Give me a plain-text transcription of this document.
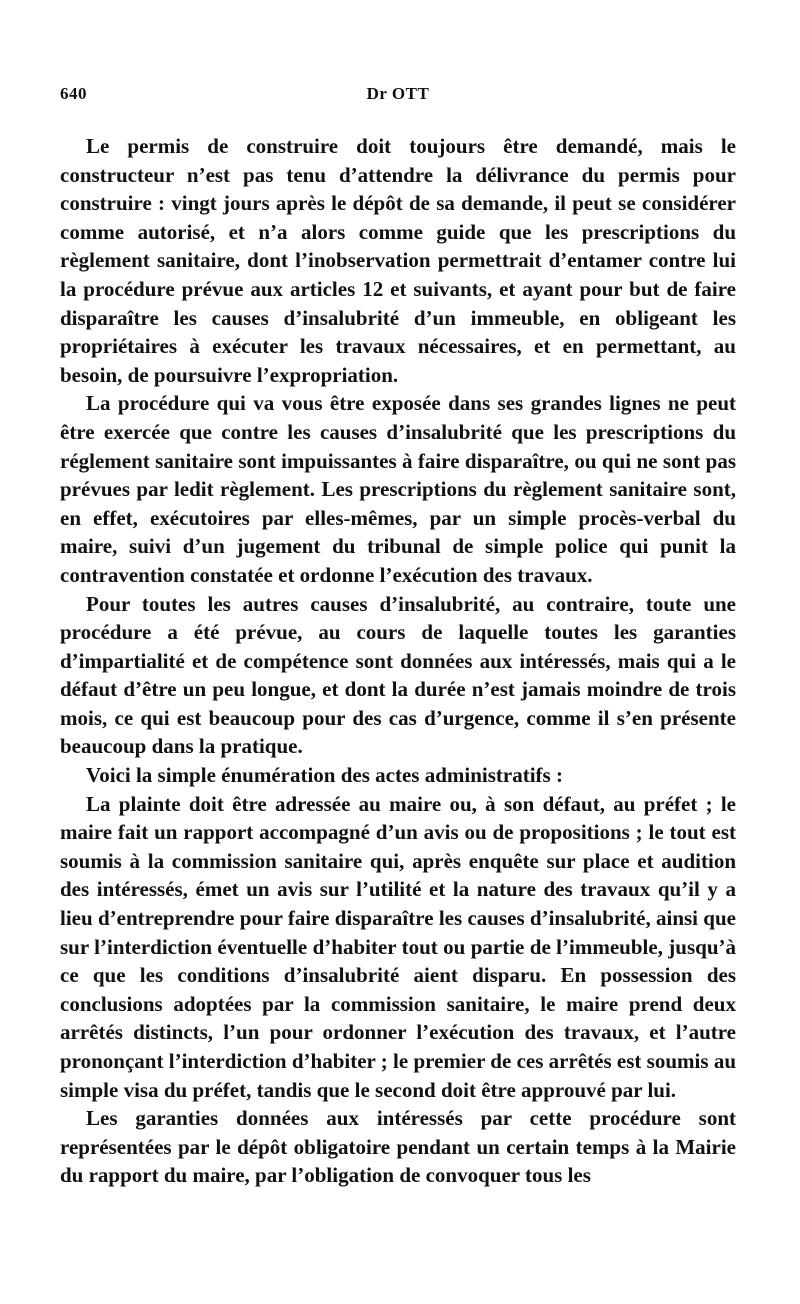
640	Dr OTT

Le permis de construire doit toujours être demandé, mais le constructeur n’est pas tenu d’attendre la délivrance du permis pour construire : vingt jours après le dépôt de sa demande, il peut se considérer comme autorisé, et n’a alors comme guide que les prescriptions du règlement sanitaire, dont l’inobservation permettrait d’entamer contre lui la procédure prévue aux articles 12 et suivants, et ayant pour but de faire disparaître les causes d’insalubrité d’un immeuble, en obligeant les propriétaires à exécuter les travaux nécessaires, et en permettant, au besoin, de poursuivre l’expropriation.

La procédure qui va vous être exposée dans ses grandes lignes ne peut être exercée que contre les causes d’insalubrité que les prescriptions du réglement sanitaire sont impuissantes à faire disparaître, ou qui ne sont pas prévues par ledit règlement. Les prescriptions du règlement sanitaire sont, en effet, exécutoires par elles-mêmes, par un simple procès-verbal du maire, suivi d’un jugement du tribunal de simple police qui punit la contravention constatée et ordonne l’exécution des travaux.

Pour toutes les autres causes d’insalubrité, au contraire, toute une procédure a été prévue, au cours de laquelle toutes les garanties d’impartialité et de compétence sont données aux intéressés, mais qui a le défaut d’être un peu longue, et dont la durée n’est jamais moindre de trois mois, ce qui est beaucoup pour des cas d’urgence, comme il s’en présente beaucoup dans la pratique.

Voici la simple énumération des actes administratifs :

La plainte doit être adressée au maire ou, à son défaut, au préfet ; le maire fait un rapport accompagné d’un avis ou de propositions ; le tout est soumis à la commission sanitaire qui, après enquête sur place et audition des intéressés, émet un avis sur l’utilité et la nature des travaux qu’il y a lieu d’entreprendre pour faire disparaître les causes d’insalubrité, ainsi que sur l’interdiction éventuelle d’habiter tout ou partie de l’immeuble, jusqu’à ce que les conditions d’insalubrité aient disparu. En possession des conclusions adoptées par la commission sanitaire, le maire prend deux arrêtés distincts, l’un pour ordonner l’exécution des travaux, et l’autre prononçant l’interdiction d’habiter ; le premier de ces arrêtés est soumis au simple visa du préfet, tandis que le second doit être approuvé par lui.

Les garanties données aux intéressés par cette procédure sont représentées par le dépôt obligatoire pendant un certain temps à la Mairie du rapport du maire, par l’obligation de convoquer tous les
